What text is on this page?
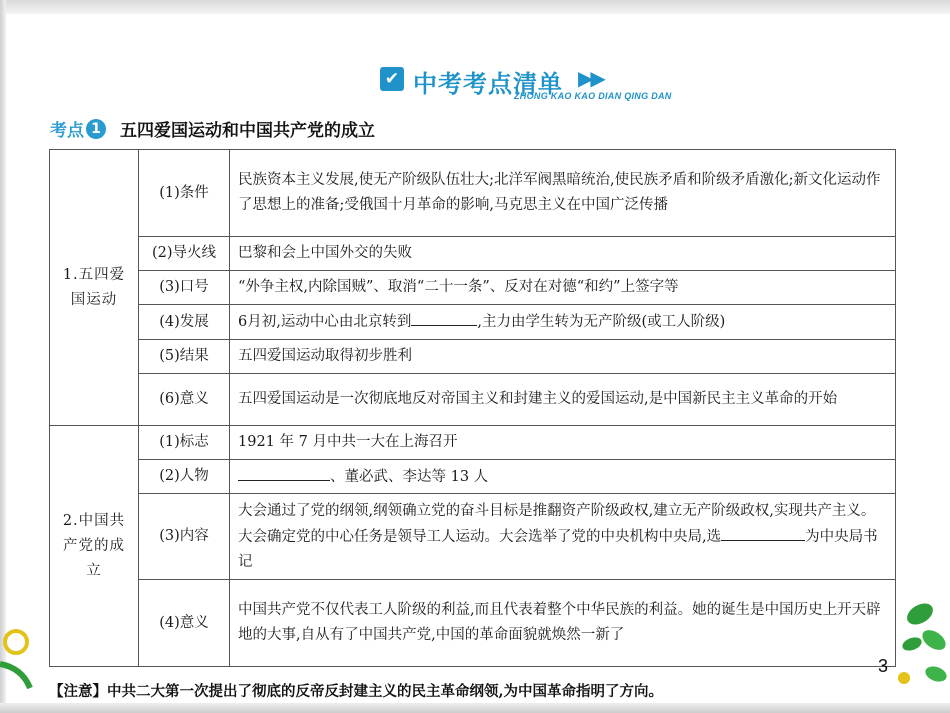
✔ 中考考点清单 ▶▶
ZHONG KAO KAO DIAN QING DAN
考点 1 五四爱国运动和中国共产党的成立
1.五四爱国运动	(1)条件	民族资本主义发展,使无产阶级队伍壮大;北洋军阀黑暗统治,使民族矛盾和阶级矛盾激化;新文化运动作了思想上的准备;受俄国十月革命的影响,马克思主义在中国广泛传播
	(2)导火线	巴黎和会上中国外交的失败
	(3)口号	“外争主权,内除国贼”、取消“二十一条”、反对在对德“和约”上签字等
	(4)发展	6月初,运动中心由北京转到 ,主力由学生转为无产阶级(或工人阶级)
	(5)结果	五四爱国运动取得初步胜利
	(6)意义	五四爱国运动是一次彻底地反对帝国主义和封建主义的爱国运动,是中国新民主主义革命的开始
2.中国共产党的成立	(1)标志	1921 年 7 月中共一大在上海召开
	(2)人物	、董必武、李达等 13 人
	(3)内容	大会通过了党的纲领,纲领确立党的奋斗目标是推翻资产阶级政权,建立无产阶级政权,实现共产主义。大会确定党的中心任务是领导工人运动。大会选举了党的中央机构中央局,选 为中央局书记
	(4)意义	中国共产党不仅代表工人阶级的利益,而且代表着整个中华民族的利益。她的诞生是中国历史上开天辟地的大事,自从有了中国共产党,中国的革命面貌就焕然一新了
3
【注意】中共二大第一次提出了彻底的反帝反封建主义的民主革命纲领,为中国革命指明了方向。
